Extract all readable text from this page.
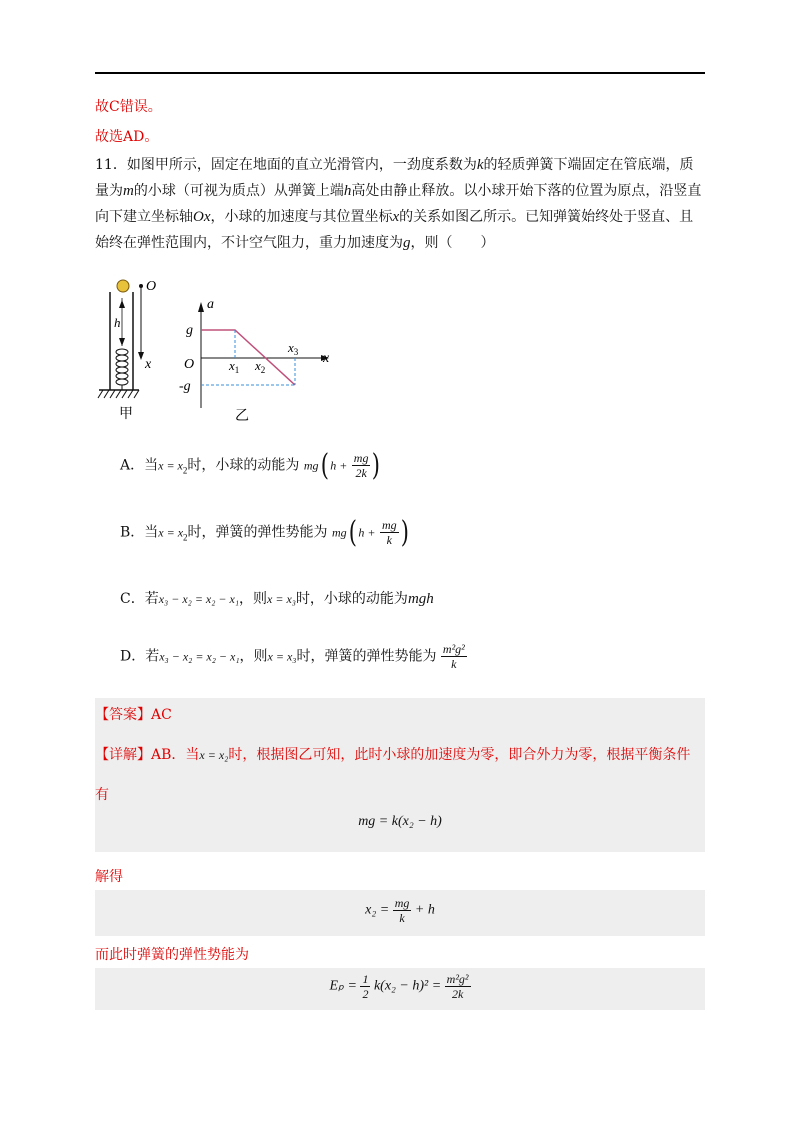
故C错误。
故选AD。
11．如图甲所示，固定在地面的直立光滑管内，一劲度系数为k的轻质弹簧下端固定在管底端，质量为m的小球（可视为质点）从弹簧上端h高处由静止释放。以小球开始下落的位置为原点，沿竖直向下建立坐标轴Ox，小球的加速度与其位置坐标x的关系如图乙所示。已知弹簧始终处于竖直、且始终在弹性范围内，不计空气阻力，重力加速度为g，则（　　）
h
O
x
甲
a
g
O
-g
x
$x_1$ $x_2$
$x_3$
乙
A．当$x = x_2$时，小球的动能为 mg( $h + \frac{mg}{2k}$ )
B．当$x = x_2$时，弹簧的弹性势能为 mg( $h + \frac{mg}{k}$ )
C．若x₃ − x₂ = x₂ − x₁，则x = x₃时，小球的动能为mgh
D．若x₃ − x₂ = x₂ − x₁，则x = x₃时，弹簧的弹性势能为 $\frac{\text{m²g²}}{k}$
【答案】AC
【详解】AB．当x = x₂时，根据图乙可知，此时小球的加速度为零，即合外力为零，根据平衡条件
有
mg = k(x₂ − h)
解得
$x_2 = \frac{mg}{k} + h$
而此时弹簧的弹性势能为
$E_p = \frac{1}{2} k(x_2 - h)^2 = \frac{\text{m²g²}}{2k}$
